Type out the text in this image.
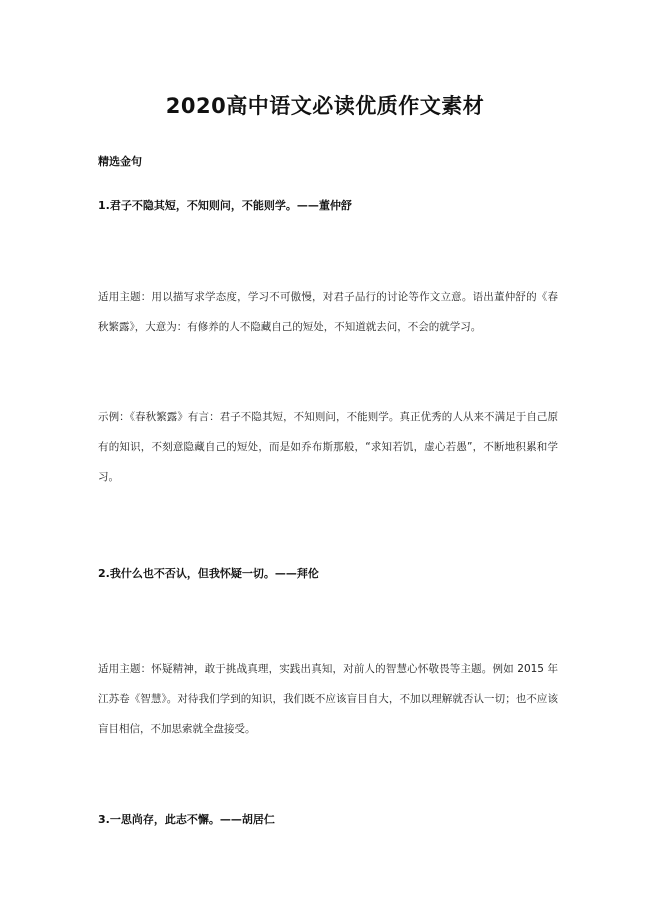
2020高中语文必读优质作文素材
精选金句
1.君子不隐其短，不知则问，不能则学。——董仲舒
适用主题：用以描写求学态度，学习不可傲慢，对君子品行的讨论等作文立意。语出董仲舒的《春秋繁露》，大意为：有修养的人不隐藏自己的短处，不知道就去问，不会的就学习。
示例：《春秋繁露》有言：君子不隐其短，不知则问，不能则学。真正优秀的人从来不满足于自己原有的知识，不刻意隐藏自己的短处，而是如乔布斯那般，“求知若饥，虚心若愚”，不断地积累和学习。
2.我什么也不否认，但我怀疑一切。——拜伦
适用主题：怀疑精神，敢于挑战真理，实践出真知，对前人的智慧心怀敬畏等主题。例如 2015 年江苏卷《智慧》。对待我们学到的知识，我们既不应该盲目自大，不加以理解就否认一切；也不应该盲目相信，不加思索就全盘接受。
3.一思尚存，此志不懈。——胡居仁
